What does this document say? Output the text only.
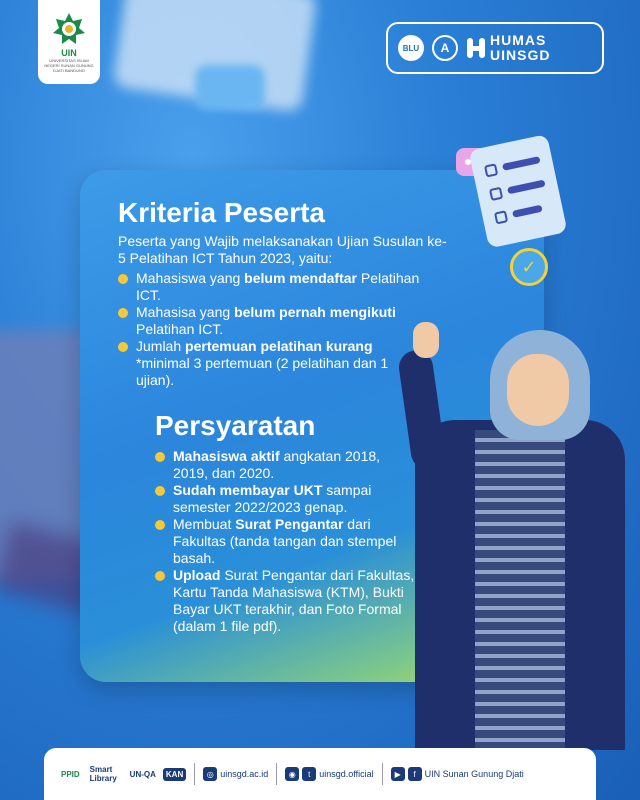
UIN
UNIVERSITAS ISLAM NEGERI SUNAN GUNUNG DJATI BANDUNG
BLU	A	HUMAS
UINSGD
✓
Kriteria Peserta
Peserta yang Wajib melaksanakan Ujian Susulan ke-5 Pelatihan ICT Tahun 2023, yaitu:
Mahasiswa yang belum mendaftar Pelatihan ICT.
Mahasisa yang belum pernah mengikuti Pelatihan ICT.
Jumlah pertemuan pelatihan kurang *minimal 3 pertemuan (2 pelatihan dan 1 ujian).
Persyaratan
Mahasiswa aktif angkatan 2018, 2019, dan 2020.
Sudah membayar UKT sampai semester 2022/2023 genap.
Membuat Surat Pengantar dari Fakultas (tanda tangan dan stempel basah.
Upload Surat Pengantar dari Fakultas, Kartu Tanda Mahasiswa (KTM), Bukti Bayar UKT terakhir, dan Foto Formal (dalam 1 file pdf).
PPID	Smart Library	UN-QA	KAN	◎ uinsgd.ac.id	◉	t uinsgd.official	▶	f UIN Sunan Gunung Djati
